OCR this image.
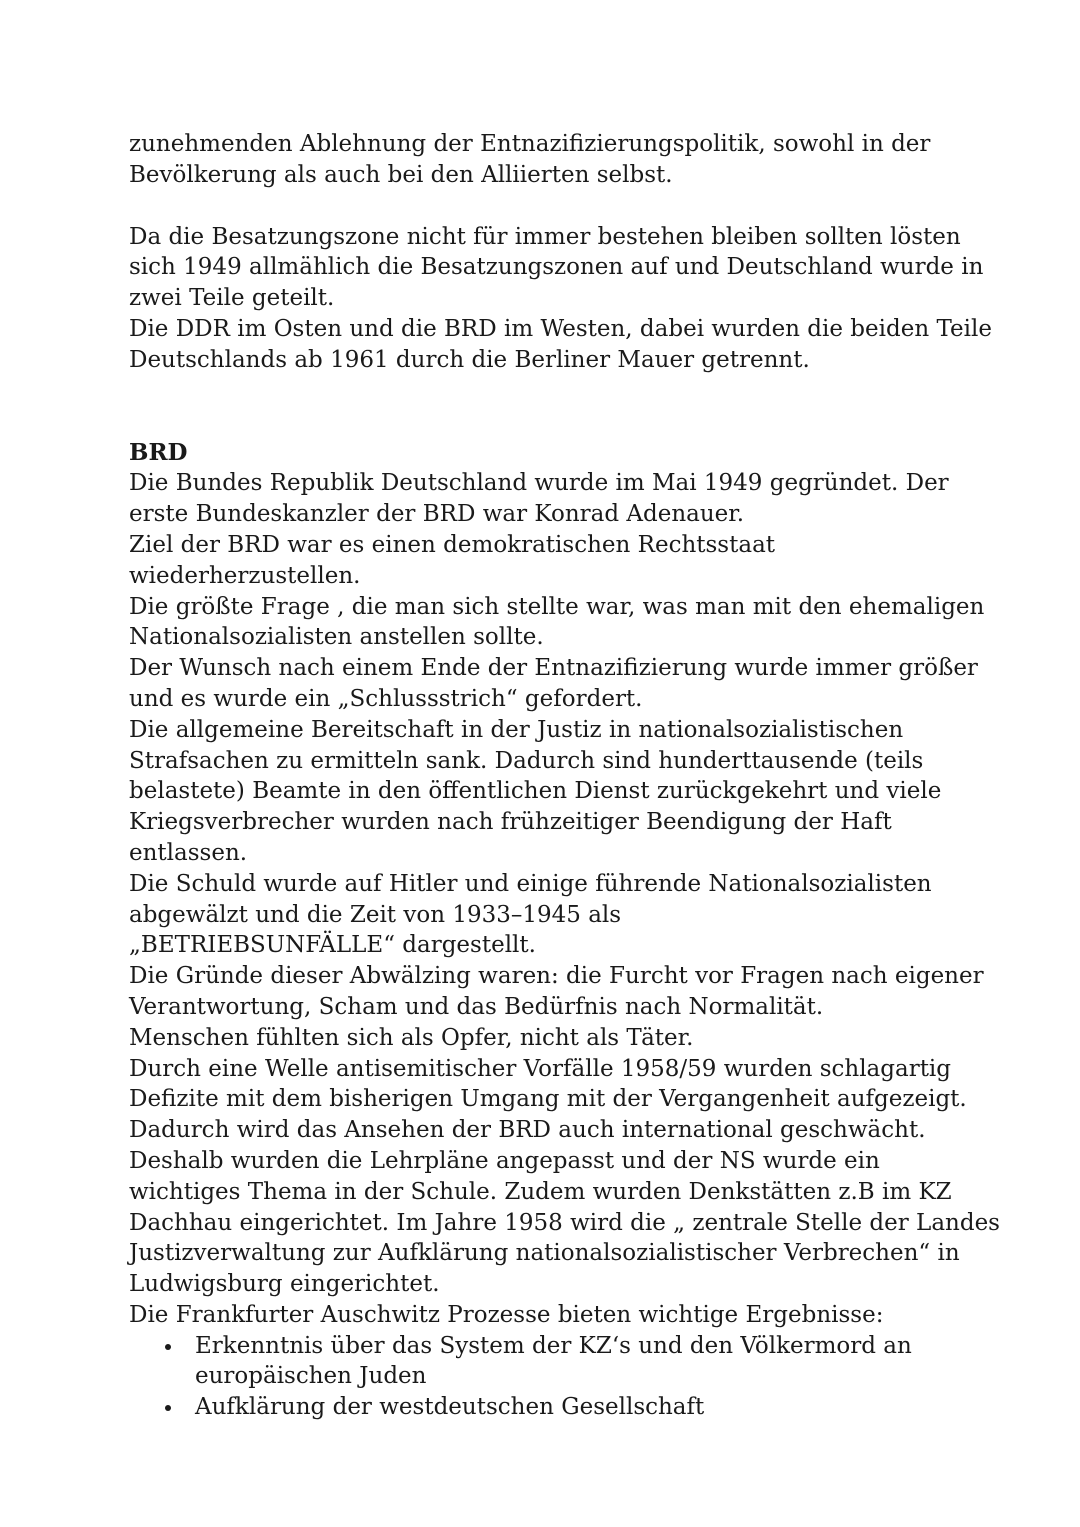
zunehmenden Ablehnung der Entnazifizierungspolitik, sowohl in der
Bevölkerung als auch bei den Alliierten selbst.

Da die Besatzungszone nicht für immer bestehen bleiben sollten lösten
sich 1949 allmählich die Besatzungszonen auf und Deutschland wurde in
zwei Teile geteilt.
Die DDR im Osten und die BRD im Westen, dabei wurden die beiden Teile
Deutschlands ab 1961 durch die Berliner Mauer getrennt.

BRD

Die Bundes Republik Deutschland wurde im Mai 1949 gegründet. Der
erste Bundeskanzler der BRD war Konrad Adenauer.
Ziel der BRD war es einen demokratischen Rechtsstaat
wiederherzustellen.
Die größte Frage , die man sich stellte war, was man mit den ehemaligen
Nationalsozialisten anstellen sollte.
Der Wunsch nach einem Ende der Entnazifizierung wurde immer größer
und es wurde ein „Schlussstrich“ gefordert.
Die allgemeine Bereitschaft in der Justiz in nationalsozialistischen
Strafsachen zu ermitteln sank. Dadurch sind hunderttausende (teils
belastete) Beamte in den öffentlichen Dienst zurückgekehrt und viele
Kriegsverbrecher wurden nach frühzeitiger Beendigung der Haft
entlassen.
Die Schuld wurde auf Hitler und einige führende Nationalsozialisten
abgewälzt und die Zeit von 1933–1945 als
„BETRIEBSUNFÄLLE“ dargestellt.
Die Gründe dieser Abwälzing waren: die Furcht vor Fragen nach eigener
Verantwortung, Scham und das Bedürfnis nach Normalität.
Menschen fühlten sich als Opfer, nicht als Täter.
Durch eine Welle antisemitischer Vorfälle 1958/59 wurden schlagartig
Defizite mit dem bisherigen Umgang mit der Vergangenheit aufgezeigt.
Dadurch wird das Ansehen der BRD auch international geschwächt.
Deshalb wurden die Lehrpläne angepasst und der NS wurde ein
wichtiges Thema in der Schule. Zudem wurden Denkstätten z.B im KZ
Dachhau eingerichtet. Im Jahre 1958 wird die „ zentrale Stelle der Landes
Justizverwaltung zur Aufklärung nationalsozialistischer Verbrechen“ in
Ludwigsburg eingerichtet.
Die Frankfurter Auschwitz Prozesse bieten wichtige Ergebnisse:

Erkenntnis über das System der KZ‘s und den Völkermord an
europäischen Juden
Aufklärung der westdeutschen Gesellschaft
